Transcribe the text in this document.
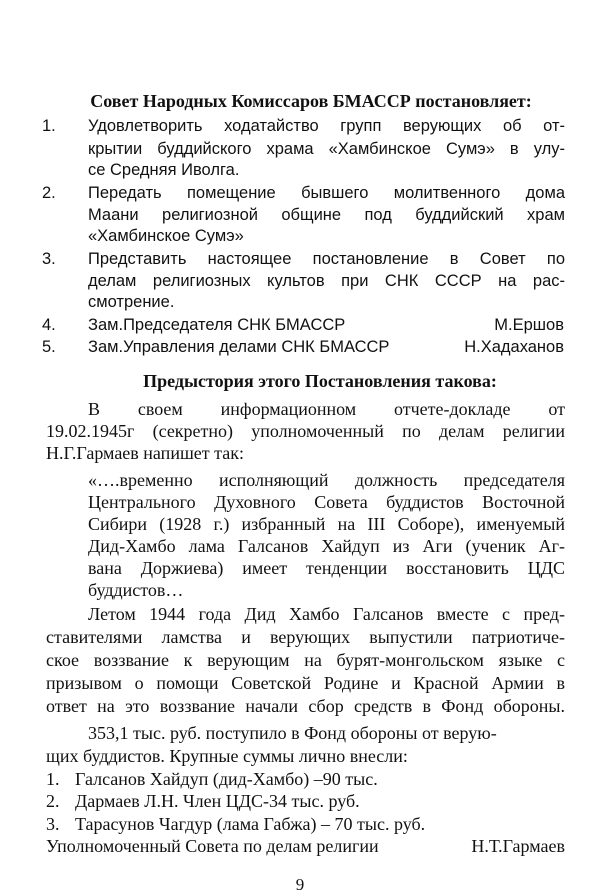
Совет Народных Комиссаров БМАССР постановляет:
1. Удовлетворить ходатайство групп верующих об от-
крытии буддийского храма «Хамбинское Сумэ» в улу-
се Средняя Иволга.
2. Передать помещение бывшего молитвенного дома
Маани религиозной общине под буддийский храм
«Хамбинское Сумэ»
3. Представить настоящее постановление в Совет по
делам религиозных культов при СНК СССР на рас-
смотрение.
4. Зам.Председателя СНК БМАССР	М.Ершов
5. Зам.Управления делами СНК БМАССР	Н.Хадаханов
Предыстория этого Постановления такова:
В своем информационном отчете-докладе от
19.02.1945г (секретно) уполномоченный по делам религии
Н.Г.Гармаев напишет так:
«….временно исполняющий должность председателя
Центрального Духовного Совета буддистов Восточной
Сибири (1928 г.) избранный на III Соборе), именуемый
Дид-Хамбо лама Галсанов Хайдуп из Аги (ученик Аг-
вана Доржиева) имеет тенденции восстановить ЦДС
буддистов…
Летом 1944 года Дид Хамбо Галсанов вместе с пред-
ставителями ламства и верующих выпустили патриотиче-
ское воззвание к верующим на бурят-монгольском языке с
призывом о помощи Советской Родине и Красной Армии в
ответ на это воззвание начали сбор средств в Фонд обороны.
353,1 тыс. руб. поступило в Фонд обороны от верую-
щих буддистов. Крупные суммы лично внесли:
1. Галсанов Хайдуп (дид-Хамбо) –90 тыс.
2. Дармаев Л.Н. Член ЦДС-34 тыс. руб.
3. Тарасунов Чагдур (лама Габжа) – 70 тыс. руб.
Уполномоченный Совета по делам религии	Н.Т.Гармаев
9
